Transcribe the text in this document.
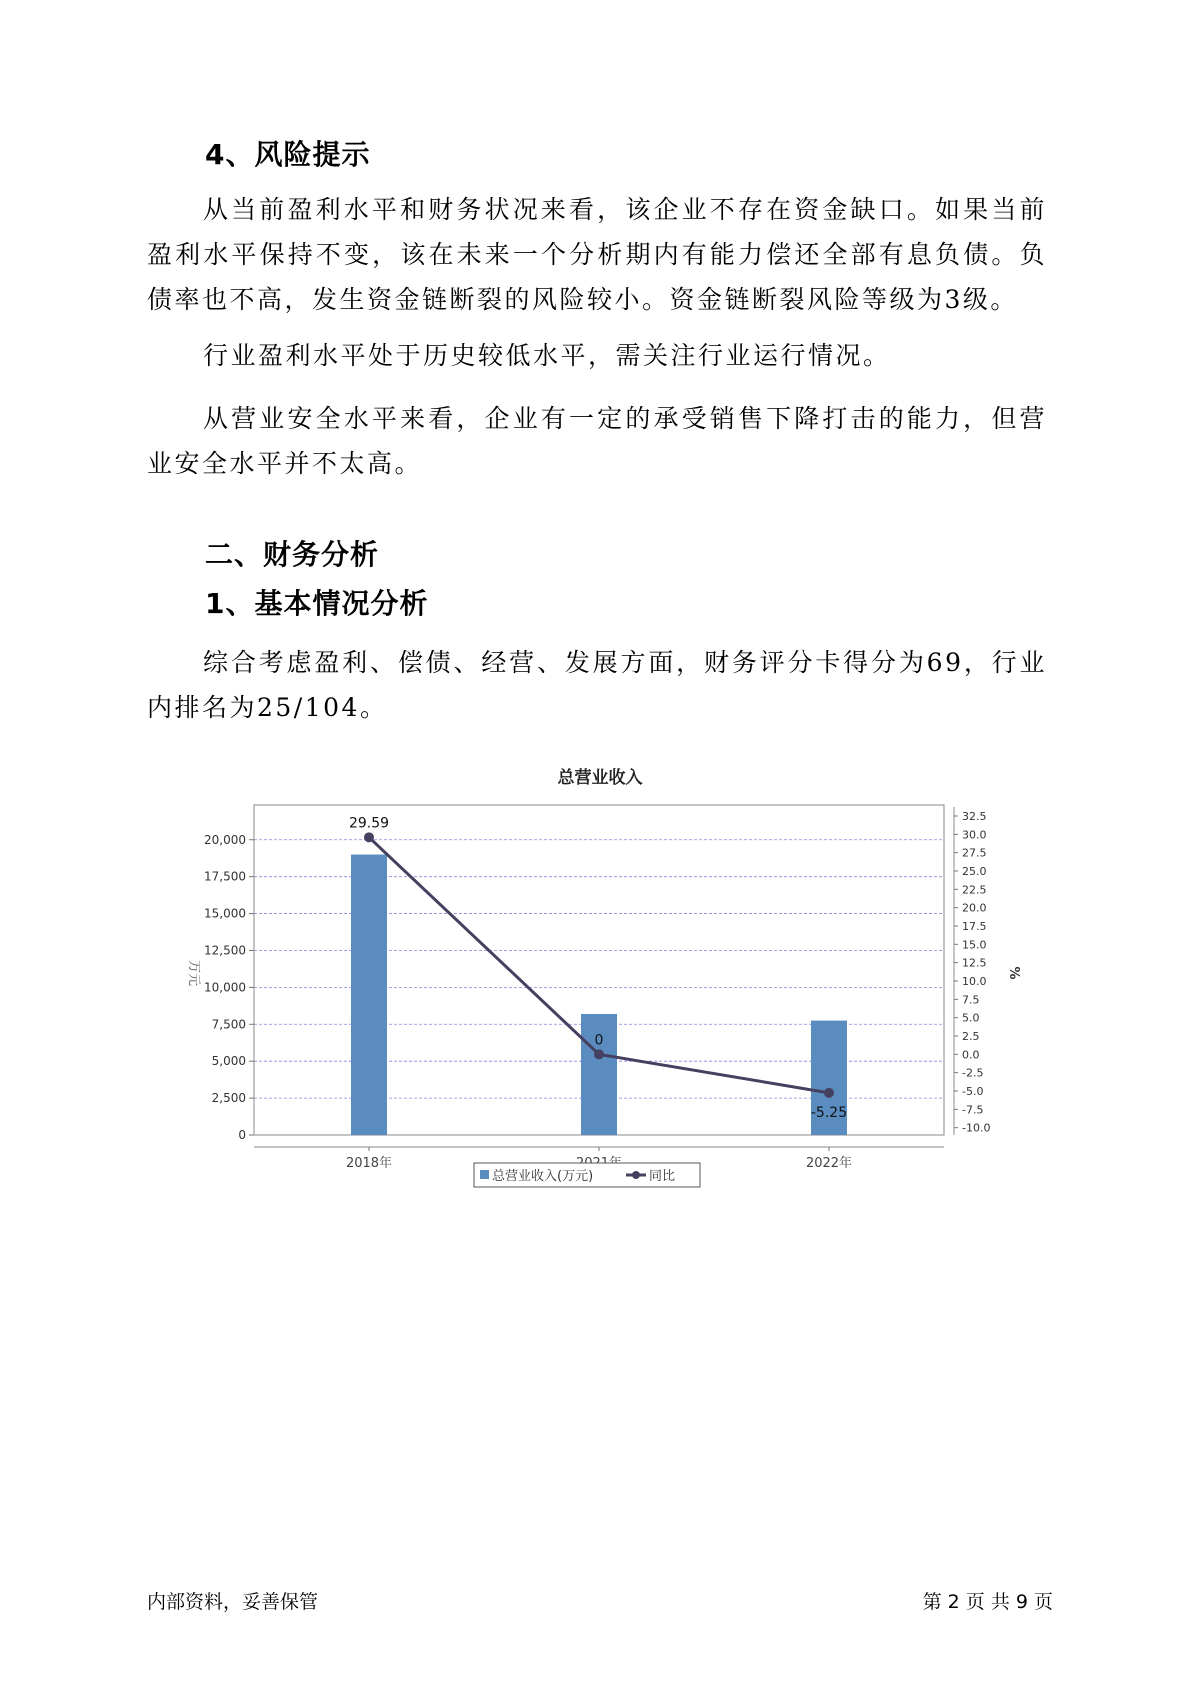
4、风险提示

从当前盈利水平和财务状况来看，该企业不存在资金缺口。如果当前盈利水平保持不变，该在未来一个分析期内有能力偿还全部有息负债。负债率也不高，发生资金链断裂的风险较小。资金链断裂风险等级为3级。

行业盈利水平处于历史较低水平，需关注行业运行情况。

从营业安全水平来看，企业有一定的承受销售下降打击的能力，但营业安全水平并不太高。

二、财务分析
1、基本情况分析

综合考虑盈利、偿债、经营、发展方面，财务评分卡得分为69，行业内排名为25/104。

总营业收入
29.59
0
-5.25
0
2,500
5,000
7,500
10,000
12,500
15,000
17,500
20,000
-10.0
-7.5
-5.0
-2.5
0.0
2.5
5.0
7.5
10.0
12.5
15.0
17.5
20.0
22.5
25.0
27.5
30.0
32.5
2018年	2022年
万元	%
总营业收入(万元)	同比
内部资料，妥善保管	第 2 页 共 9 页
